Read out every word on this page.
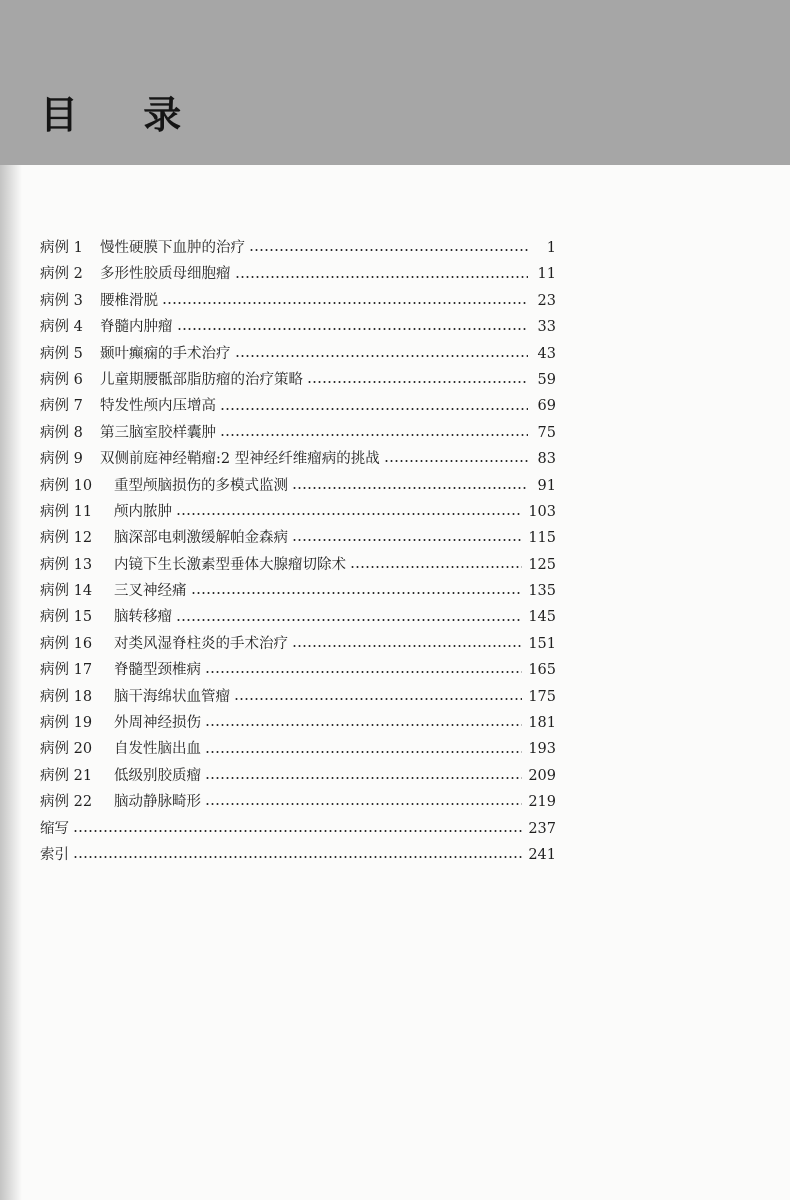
目 录
病例 1	慢性硬膜下血肿的治疗	1
病例 2	多形性胶质母细胞瘤	11
病例 3	腰椎滑脱	23
病例 4	脊髓内肿瘤	33
病例 5	颞叶癫痫的手术治疗	43
病例 6	儿童期腰骶部脂肪瘤的治疗策略	59
病例 7	特发性颅内压增高	69
病例 8	第三脑室胶样囊肿	75
病例 9	双侧前庭神经鞘瘤:2 型神经纤维瘤病的挑战	83
病例 10	重型颅脑损伤的多模式监测	91
病例 11	颅内脓肿	103
病例 12	脑深部电刺激缓解帕金森病	115
病例 13	内镜下生长激素型垂体大腺瘤切除术	125
病例 14	三叉神经痛	135
病例 15	脑转移瘤	145
病例 16	对类风湿脊柱炎的手术治疗	151
病例 17	脊髓型颈椎病	165
病例 18	脑干海绵状血管瘤	175
病例 19	外周神经损伤	181
病例 20	自发性脑出血	193
病例 21	低级别胶质瘤	209
病例 22	脑动静脉畸形	219
缩写	237
索引	241
